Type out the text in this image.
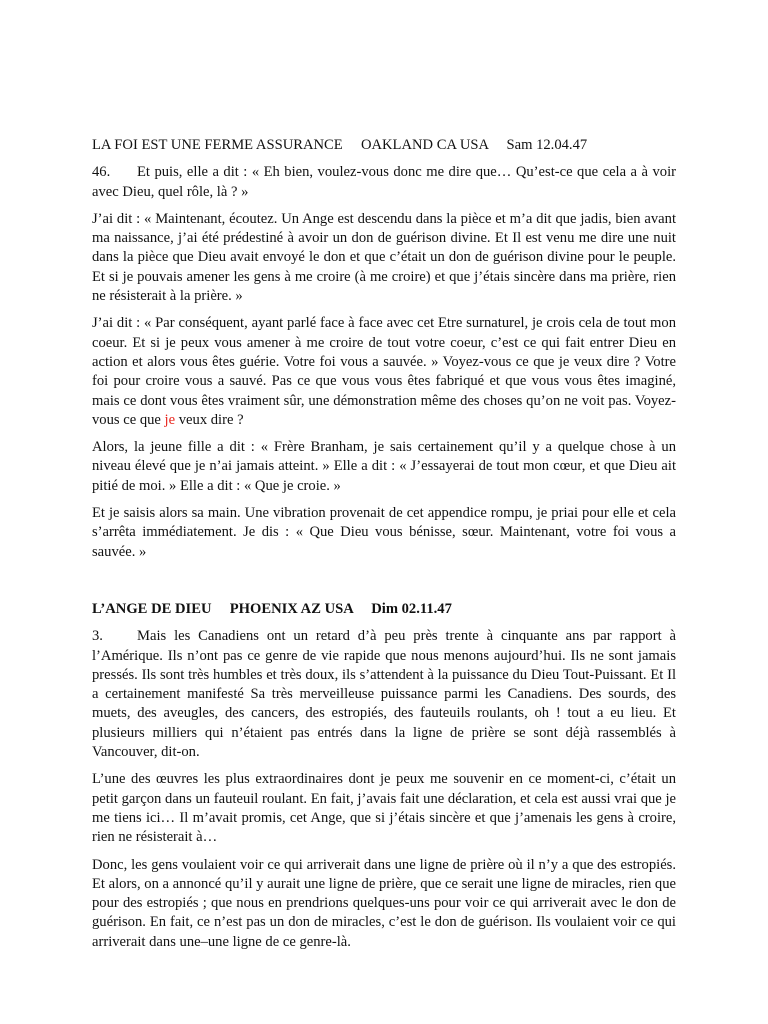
LA FOI EST UNE FERME ASSURANCE     OAKLAND CA USA     Sam 12.04.47

46. Et puis, elle a dit : « Eh bien, voulez-vous donc me dire que… Qu’est-ce que cela a à voir avec Dieu, quel rôle, là ? »

J’ai dit : « Maintenant, écoutez. Un Ange est descendu dans la pièce et m’a dit que jadis, bien avant ma naissance, j’ai été prédestiné à avoir un don de guérison divine. Et Il est venu me dire une nuit dans la pièce que Dieu avait envoyé le don et que c’était un don de guérison divine pour le peuple. Et si je pouvais amener les gens à me croire (à me croire) et que j’étais sincère dans ma prière, rien ne résisterait à la prière. »

J’ai dit : « Par conséquent, ayant parlé face à face avec cet Etre surnaturel, je crois cela de tout mon coeur. Et si je peux vous amener à me croire de tout votre coeur, c’est ce qui fait entrer Dieu en action et alors vous êtes guérie. Votre foi vous a sauvée. » Voyez-vous ce que je veux dire ? Votre foi pour croire vous a sauvé. Pas ce que vous vous êtes fabriqué et que vous vous êtes imaginé, mais ce dont vous êtes vraiment sûr, une démonstration même des choses qu’on ne voit pas. Voyez-vous ce que je veux dire ?

Alors, la jeune fille a dit : « Frère Branham, je sais certainement qu’il y a quelque chose à un niveau élevé que je n’ai jamais atteint. » Elle a dit : « J’essayerai de tout mon cœur, et que Dieu ait pitié de moi. » Elle a dit : « Que je croie. »

Et je saisis alors sa main. Une vibration provenait de cet appendice rompu, je priai pour elle et cela s’arrêta immédiatement. Je dis : « Que Dieu vous bénisse, sœur. Maintenant, votre foi vous a sauvée. »

L’ANGE DE DIEU     PHOENIX AZ USA     Dim 02.11.47

3. Mais les Canadiens ont un retard d’à peu près trente à cinquante ans par rapport à l’Amérique. Ils n’ont pas ce genre de vie rapide que nous menons aujourd’hui. Ils ne sont jamais pressés. Ils sont très humbles et très doux, ils s’attendent à la puissance du Dieu Tout-Puissant. Et Il a certainement manifesté Sa très merveilleuse puissance parmi les Canadiens. Des sourds, des muets, des aveugles, des cancers, des estropiés, des fauteuils roulants, oh ! tout a eu lieu. Et plusieurs milliers qui n’étaient pas entrés dans la ligne de prière se sont déjà rassemblés à Vancouver, dit-on.

L’une des œuvres les plus extraordinaires dont je peux me souvenir en ce moment-ci, c’était un petit garçon dans un fauteuil roulant. En fait, j’avais fait une déclaration, et cela est aussi vrai que je me tiens ici… Il m’avait promis, cet Ange, que si j’étais sincère et que j’amenais les gens à croire, rien ne résisterait à…

Donc, les gens voulaient voir ce qui arriverait dans une ligne de prière où il n’y a que des estropiés. Et alors, on a annoncé qu’il y aurait une ligne de prière, que ce serait une ligne de miracles, rien que pour des estropiés ; que nous en prendrions quelques-uns pour voir ce qui arriverait avec le don de guérison. En fait, ce n’est pas un don de miracles, c’est le don de guérison. Ils voulaient voir ce qui arriverait dans une–une ligne de ce genre-là.
